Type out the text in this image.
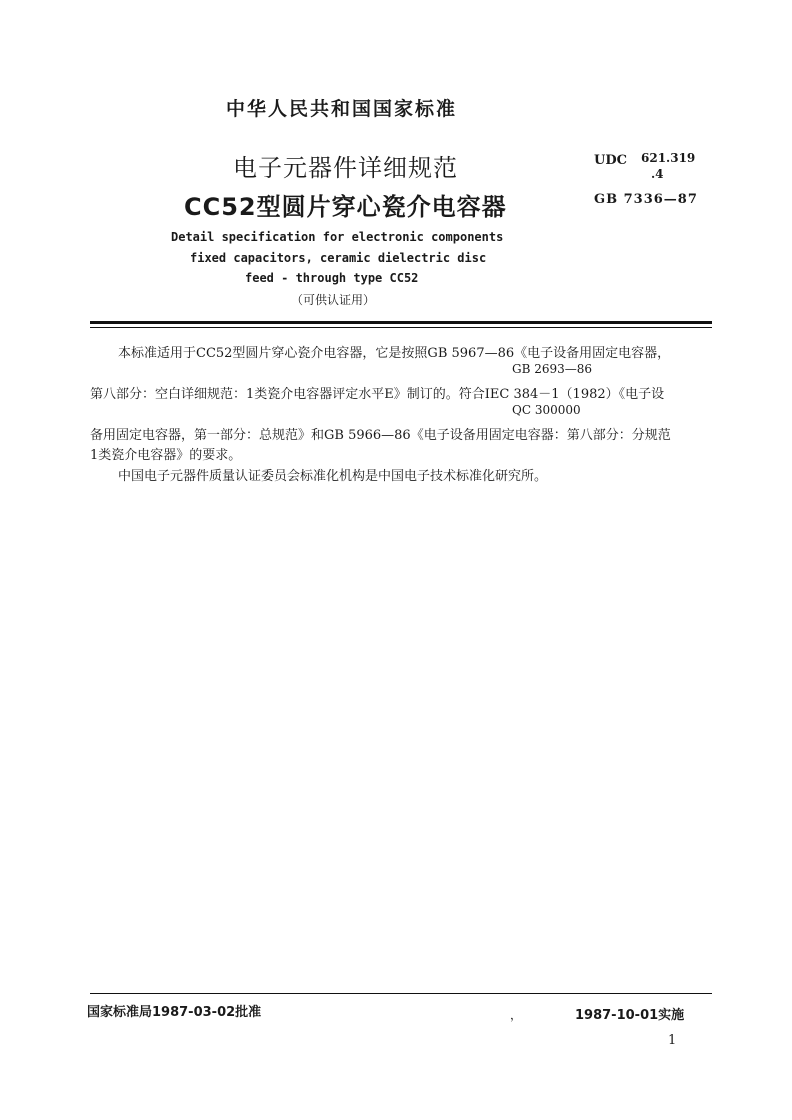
中华人民共和国国家标准
电子元器件详细规范
CC52型圆片穿心瓷介电容器
UDC 621.319
.4
GB 7336—87
Detail specification for electronic components
fixed capacitors, ceramic dielectric disc
feed - through type CC52
（可供认证用）
本标准适用于CC52型圆片穿心瓷介电容器，它是按照GB 5967—86《电子设备用固定电容器，
GB 2693—86
第八部分：空白详细规范：1类瓷介电容器评定水平E》制订的。符合IEC 384－1（1982）《电子设
QC 300000
备用固定电容器，第一部分：总规范》和GB 5966—86《电子设备用固定电容器：第八部分：分规范
1类瓷介电容器》的要求。
中国电子元器件质量认证委员会标准化机构是中国电子技术标准化研究所。
国家标准局1987-03-02批准	，	1987-10-01实施
1
